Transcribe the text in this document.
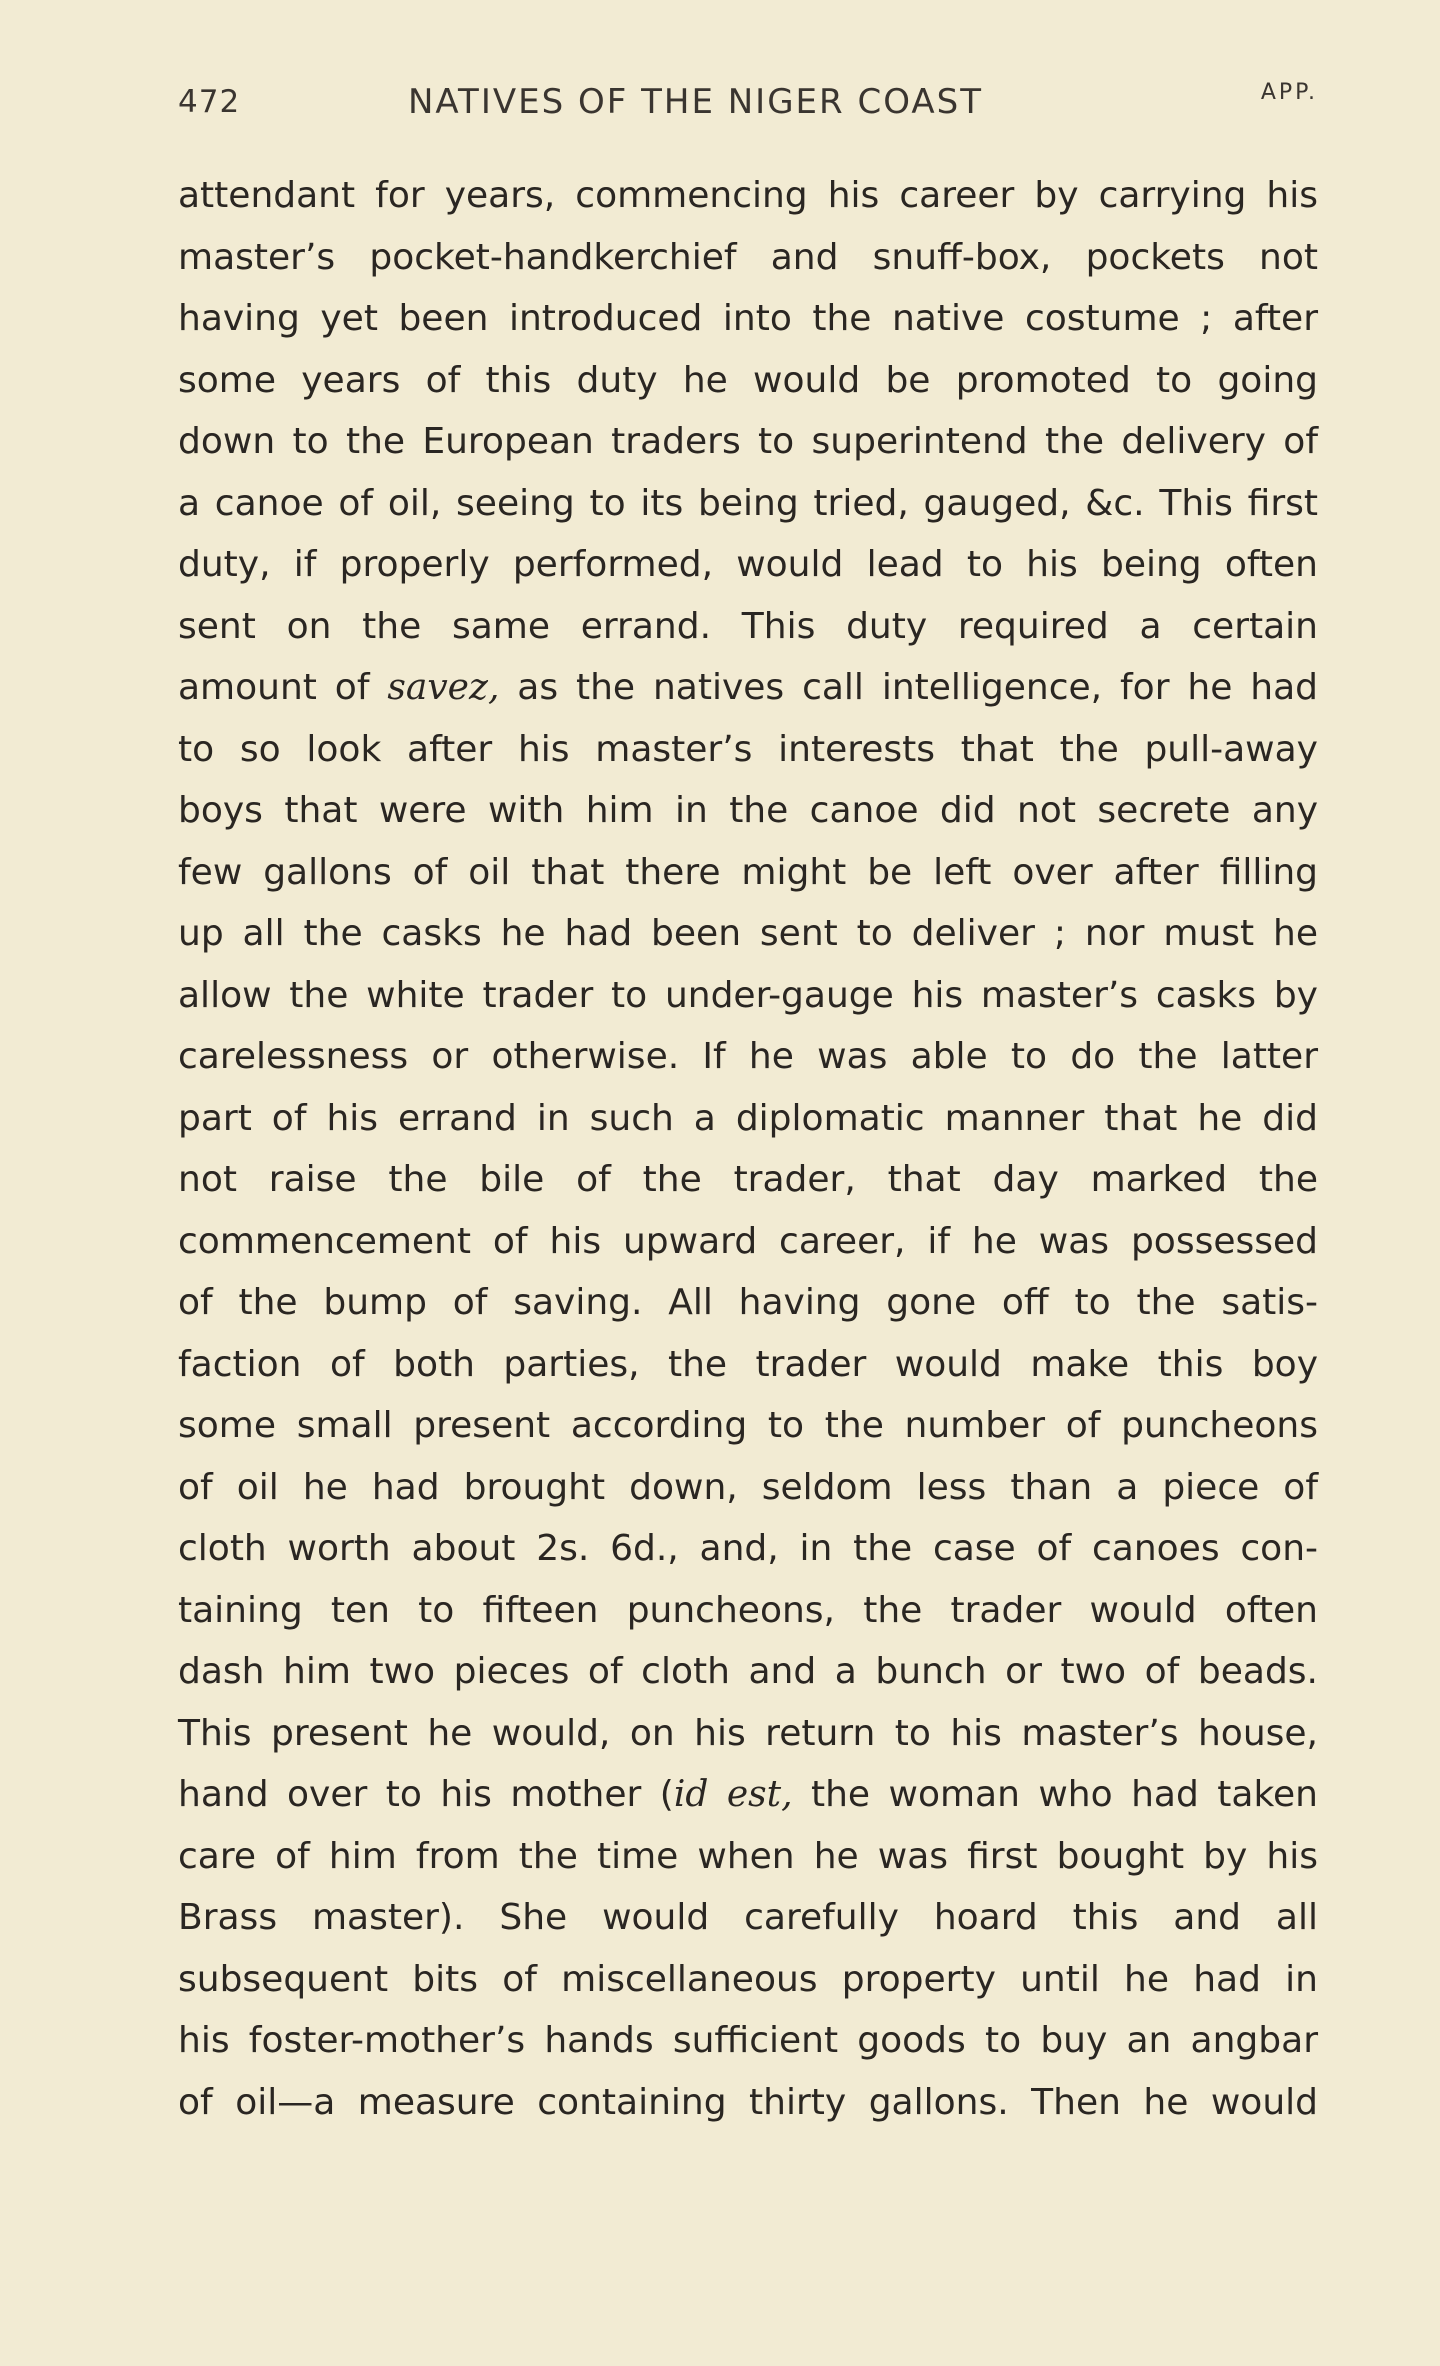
472	NATIVES OF THE NIGER COAST	APP.
attendant for years, commencing his career by carrying his
master’s pocket-handkerchief and snuff-box, pockets not
having yet been introduced into the native costume ; after
some years of this duty he would be promoted to going
down to the European traders to superintend the delivery of
a canoe of oil, seeing to its being tried, gauged, &c. This first
duty, if properly performed, would lead to his being often
sent on the same errand. This duty required a certain
amount of savez, as the natives call intelligence, for he had
to so look after his master’s interests that the pull-away
boys that were with him in the canoe did not secrete any
few gallons of oil that there might be left over after filling
up all the casks he had been sent to deliver ; nor must he
allow the white trader to under-gauge his master’s casks by
carelessness or otherwise. If he was able to do the latter
part of his errand in such a diplomatic manner that he did
not raise the bile of the trader, that day marked the
commencement of his upward career, if he was possessed
of the bump of saving. All having gone off to the satis-
faction of both parties, the trader would make this boy
some small present according to the number of puncheons
of oil he had brought down, seldom less than a piece of
cloth worth about 2s. 6d., and, in the case of canoes con-
taining ten to fifteen puncheons, the trader would often
dash him two pieces of cloth and a bunch or two of beads.
This present he would, on his return to his master’s house,
hand over to his mother (id est, the woman who had taken
care of him from the time when he was first bought by his
Brass master). She would carefully hoard this and all
subsequent bits of miscellaneous property until he had in
his foster-mother’s hands sufficient goods to buy an angbar
of oil—a measure containing thirty gallons. Then he would
